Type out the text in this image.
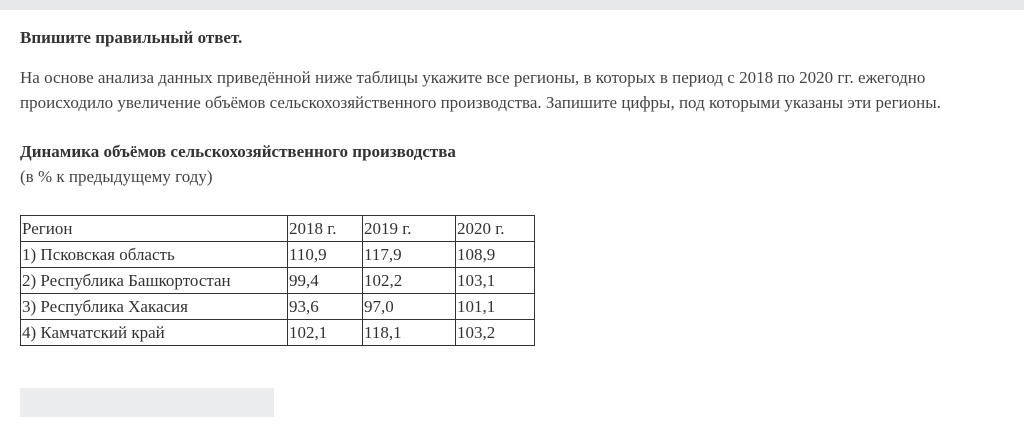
Впишите правильный ответ.

На основе анализа данных приведённой ниже таблицы укажите все регионы, в которых в период с 2018 по 2020 гг. ежегодно

происходило увеличение объёмов сельскохозяйственного производства. Запишите цифры, под которыми указаны эти регионы.

Динамика объёмов сельскохозяйственного производства
(в % к предыдущему году)
Регион	2018 г.	2019 г.	2020 г.
1) Псковская область	110,9	117,9	108,9
2) Республика Башкортостан	99,4	102,2	103,1
3) Республика Хакасия	93,6	97,0	101,1
4) Камчатский край	102,1	118,1	103,2
